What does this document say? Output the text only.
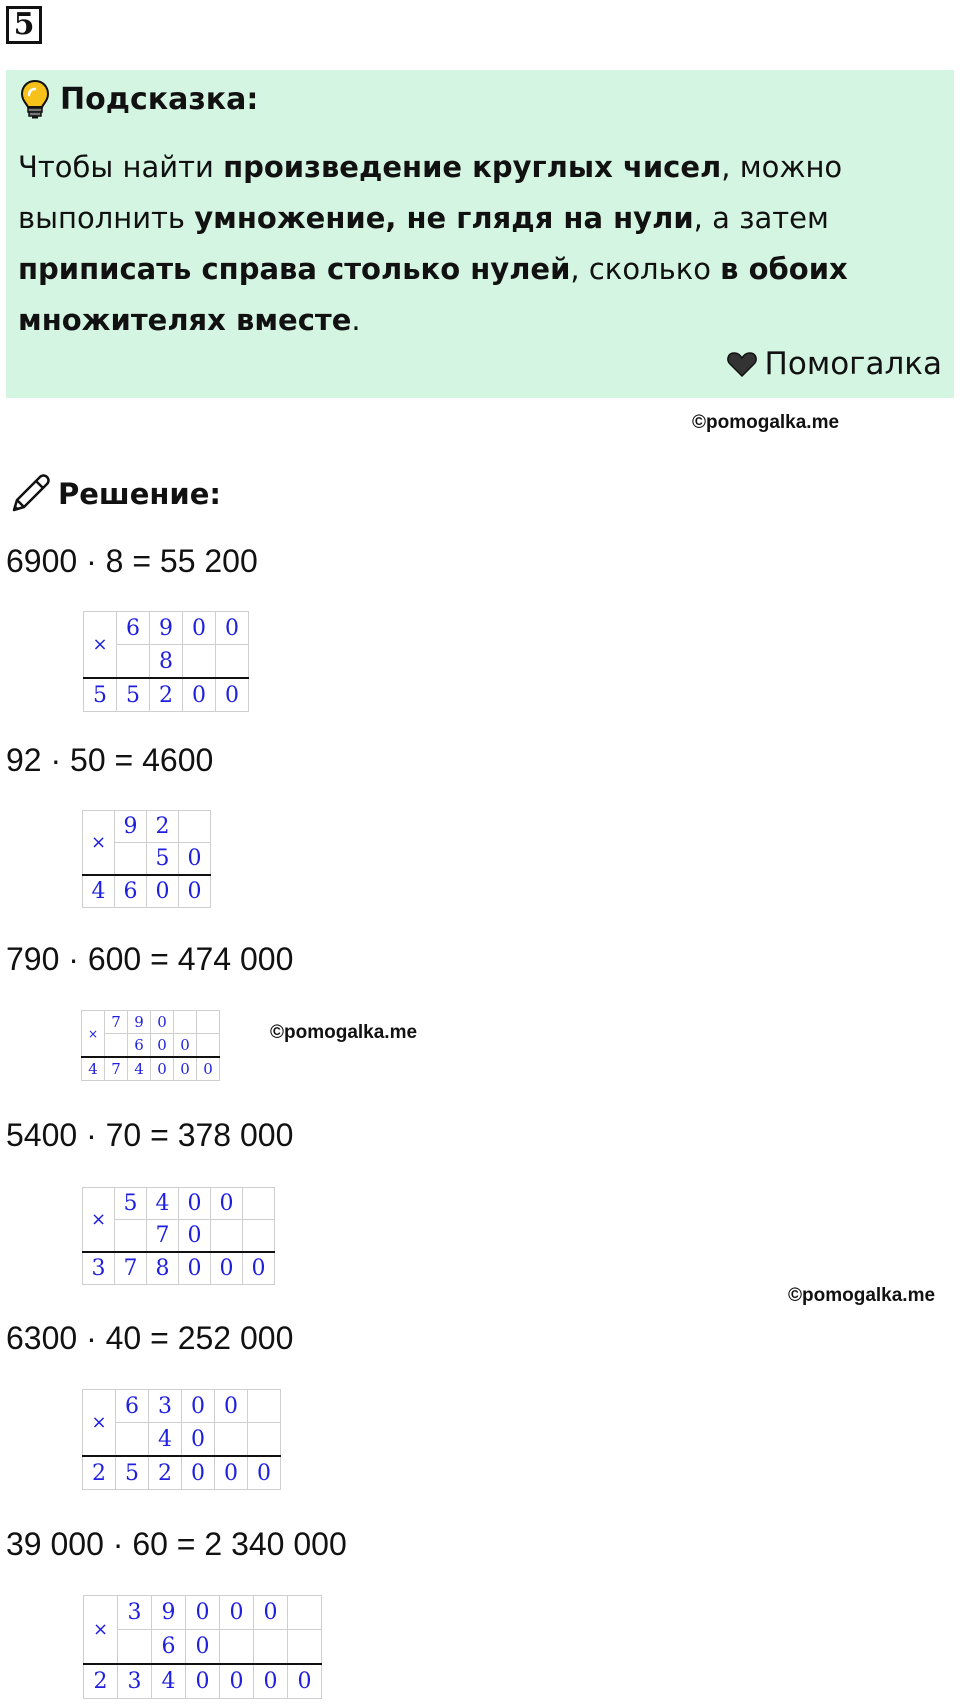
5
Подсказка:
Чтобы найти произведение круглых чисел, можно выполнить умножение, не глядя на нули, а затем приписать справа столько нулей, сколько в обоих множителях вместе.
Помогалка
©pomogalka.me
Решение:
6900 · 8 = 55 200
×	6	9	0	0
		8		
5	5	2	0	0
92 · 50 = 4600
×	9	2	
		5	0
4	6	0	0
790 · 600 = 474 000
×	7	9	0		
		6	0	0	
4	7	4	0	0	0
©pomogalka.me
5400 · 70 = 378 000
×	5	4	0	0	
		7	0		
3	7	8	0	0	0
©pomogalka.me
6300 · 40 = 252 000
×	6	3	0	0	
		4	0		
2	5	2	0	0	0
39 000 · 60 = 2 340 000
×	3	9	0	0	0	
		6	0			
2	3	4	0	0	0	0
